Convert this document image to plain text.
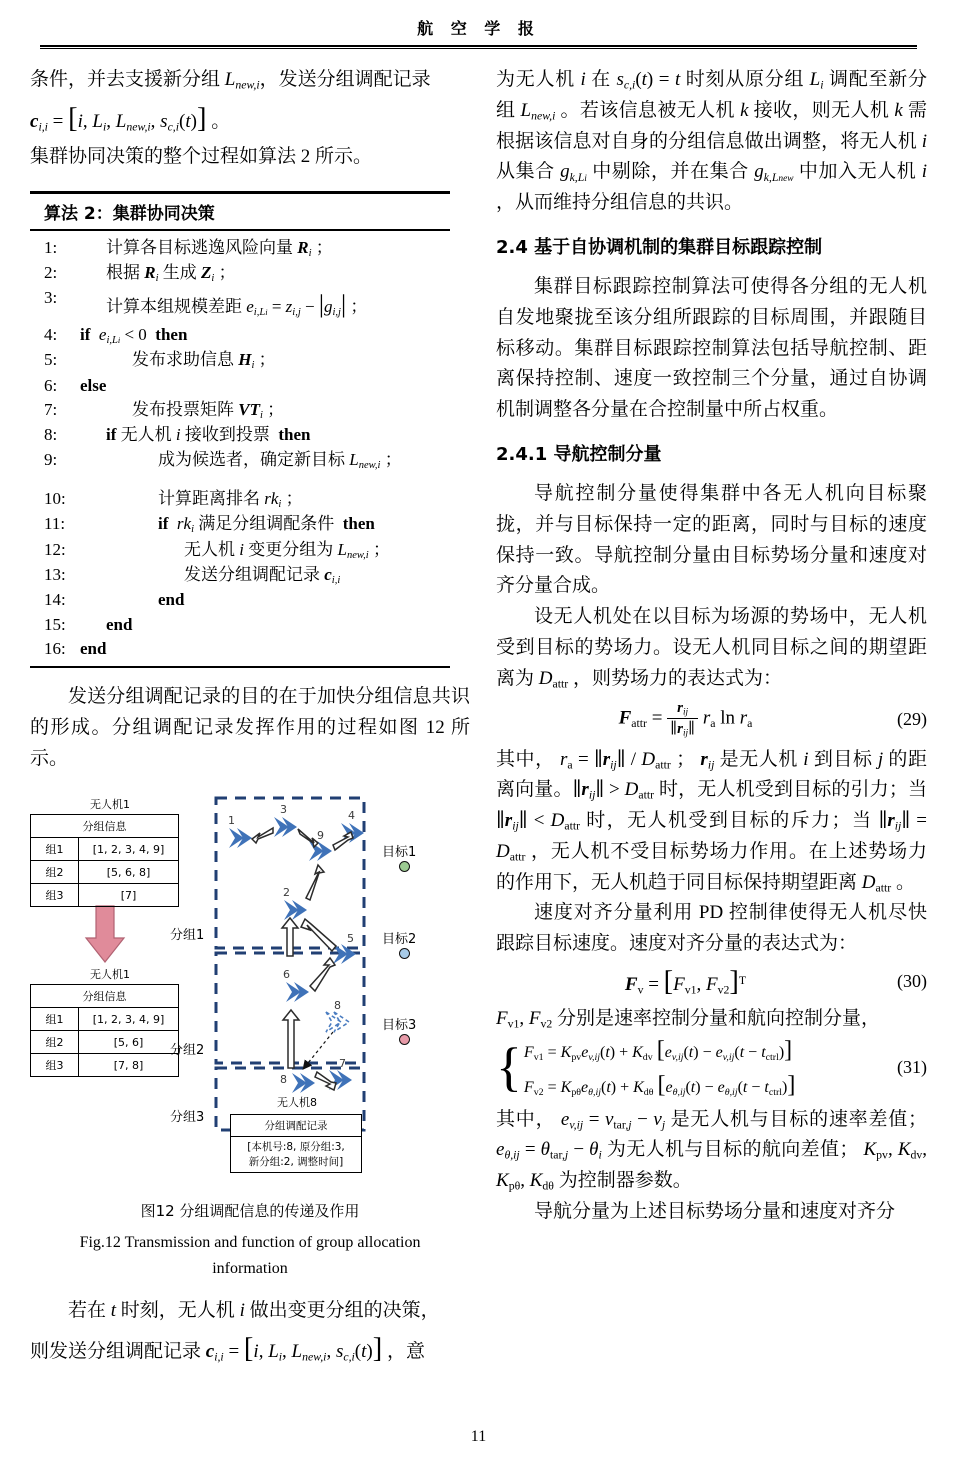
航 空 学 报

条件，并去支援新分组 $L_{new,i}$，发送分组调配记录
$c_{i,i} = [i$, $L_i$, $L_{new,i}$, $s_{c,i}(t)$] 。
集群协同决策的整个过程如算法 2 所示。

算法 2：集群协同决策
1:	计算各目标逃逸风险向量 $R_i$ ；
2:	根据 $R_i$ 生成 $Z_i$ ；
3:	计算本组规模差距 $e_{i,Li} = z_{i,j} - |g_{i,j}|$ ；
4:	if $e_{i,Li} < 0$ then
5:	发布求助信息 $H_i$ ；
6:	else
7:	发布投票矩阵 $VT_i$ ；
8:	if 无人机 i 接收到投票  then
9:	成为候选者，确定新目标 $L_{new,i}$ ；
10:	计算距离排名 $rk_i$ ；
11:	if $rk_i$ 满足分组调配条件  then
12:	无人机 i 变更分组为 $L_{new,i}$ ；
13:	发送分组调配记录 $c_{i,i}$
14:	end
15:	end
16: end

发送分组调配记录的目的在于加快分组信息共识的形成。分组调配记录发挥作用的过程如图 12 所示。

无人机1
分组信息	
组1	[1, 2, 3, 4, 9]
组2	[5, 6, 8]
组3	[7]
无人机1
分组信息	
组1	[1, 2, 3, 4, 9]
组2	[5, 6]
组3	[7, 8]
分组1
分组2
分组3
目标1
目标2
目标3
1
2
3	4
5
6
7
8
9
8
无人机8
分组调配记录
[本机号:8, 原分组:3,
新分组:2, 调整时间]
图12 分组调配信息的传递及作用
Fig.12 Transmission and function of group allocation
information

若在 t 时刻，无人机 i 做出变更分组的决策，
则发送分组调配记录 $c_{i,i} = [i$, $L_i$, $L_{new,i}$, $s_{c,i}(t)$] ，意

为无人机 i 在 $s_{c,i}(t) = t$ 时刻从原分组 $L_i$ 调配至新分组 $L_{new,i}$ 。若该信息被无人机 k 接收，则无人机 k 需根据该信息对自身的分组信息做出调整，将无人机 i 从集合 $g_{k,Li}$ 中剔除，并在集合 $g_{k,Lnew}$ 中加入无人机 i ，从而维持分组信息的共识。

2.4 基于自协调机制的集群目标跟踪控制

集群目标跟踪控制算法可使得各分组的无人机自发地聚拢至该分组所跟踪的目标周围，并跟随目标移动。集群目标跟踪控制算法包括导航控制、距离保持控制、速度一致控制三个分量，通过自协调机制调整各分量在合控制量中所占权重。

2.4.1 导航控制分量

导航控制分量使得集群中各无人机向目标聚拢，并与目标保持一定的距离，同时与目标的速度保持一致。导航控制分量由目标势场分量和速度对齐分量合成。

设无人机处在以目标为场源的势场中，无人机受到目标的势场力。设无人机同目标之间的期望距离为 $D_{attr}$ ，则势场力的表达式为：

$F_{attr} = \frac{r_{ij}}{\parallel r_{ij}\parallel} r_a$ $\ln r_a$	(29)

其中， $r_a$ = $\parallel r_{ij}\parallel / D_{attr}$ ； $r_{ij}$ 是无人机 i 到目标 j 的距离向量。$\parallel r_{ij}\parallel > D_{attr}$ 时，无人机受到目标的引力；当 $\parallel r_{ij}\parallel < D_{attr}$ 时，无人机受到目标的斥力；当 $\parallel r_{ij}\parallel = D_{attr}$ ，无人机不受目标势场力作用。在上述势场力的作用下，无人机趋于同目标保持期望距离 $D_{attr}$ 。

速度对齐分量利用 PD 控制律使得无人机尽快跟踪目标速度。速度对齐分量的表达式为：

$F_v = [F_{v1}$, $F_{v2}]^T$	(30)

$F_{v1}$, $F_{v2}$ 分别是速率控制分量和航向控制分量，

{ $F_{v1} = K_{pv}e_{v,ij}(t) + K_{dv}$ $[e_{v,ij}(t) - e_{v,ij}(t - t_{ctrl})]$
$F_{v2} = K_{p\theta}e_{\theta,ij}(t) + K_{d\theta}$ $[e_{\theta,ij}(t) - e_{\theta,ij}(t - t_{ctrl})]$
(31)

其中， $e_{v,ij} = v_{tar,j} - v_j$ 是无人机与目标的速率差值； $e_{\theta,ij} = \theta_{tar,j} - \theta_i$ 为无人机与目标的航向差值； $K_{pv}$, $K_{dv}$, $K_{p\theta}$, $K_{d\theta}$ 为控制器参数。

导航分量为上述目标势场分量和速度对齐分

11
